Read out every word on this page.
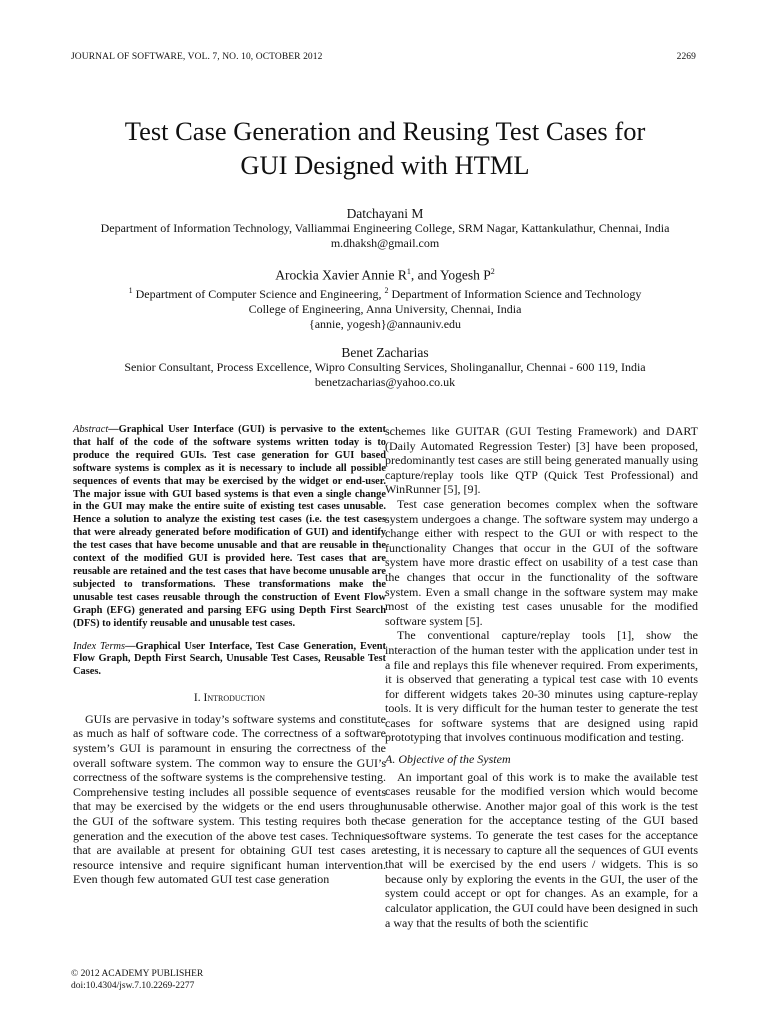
JOURNAL OF SOFTWARE, VOL. 7, NO. 10, OCTOBER 2012	2269
Test Case Generation and Reusing Test Cases for
GUI Designed with HTML
Datchayani M
Department of Information Technology, Valliammai Engineering College, SRM Nagar, Kattankulathur, Chennai, India
m.dhaksh@gmail.com
Arockia Xavier Annie $R^1$, and Yogesh $P^2$
$^1$ Department of Computer Science and Engineering, $^2$ Department of Information Science and Technology
College of Engineering, Anna University, Chennai, India
{annie, yogesh}@annauniv.edu
Benet Zacharias
Senior Consultant, Process Excellence, Wipro Consulting Services, Sholinganallur, Chennai - 600 119, India
benetzacharias@yahoo.co.uk

Abstract—Graphical User Interface (GUI) is pervasive to the extent that half of the code of the software systems written today is to produce the required GUIs. Test case generation for GUI based software systems is complex as it is necessary to include all possible sequences of events that may be exercised by the widget or end-user. The major issue with GUI based systems is that even a single change in the GUI may make the entire suite of existing test cases unusable. Hence a solution to analyze the existing test cases (i.e. the test cases that were already generated before modification of GUI) and identify the test cases that have become unusable and that are reusable in the context of the modified GUI is provided here. Test cases that are reusable are retained and the test cases that have become unusable are subjected to transformations. These transformations make the unusable test cases reusable through the construction of Event Flow Graph (EFG) generated and parsing EFG using Depth First Search (DFS) to identify reusable and unusable test cases.

Index Terms—Graphical User Interface, Test Case Generation, Event Flow Graph, Depth First Search, Unusable Test Cases, Reusable Test Cases.

I. Introduction

GUIs are pervasive in today’s software systems and constitute as much as half of software code. The correctness of a software system’s GUI is paramount in ensuring the correctness of the overall software system. The common way to ensure the GUI’s correctness of the software systems is the comprehensive testing. Comprehensive testing includes all possible sequence of events that may be exercised by the widgets or the end users through the GUI of the software system. This testing requires both the generation and the execution of the above test cases. Techniques that are available at present for obtaining GUI test cases are resource intensive and require significant human intervention. Even though few automated GUI test case generation

schemes like GUITAR (GUI Testing Framework) and DART (Daily Automated Regression Tester) [3] have been proposed, predominantly test cases are still being generated manually using capture/replay tools like QTP (Quick Test Professional) and WinRunner [5], [9].

Test case generation becomes complex when the software system undergoes a change. The software system may undergo a change either with respect to the GUI or with respect to the functionality Changes that occur in the GUI of the software system have more drastic effect on usability of a test case than the changes that occur in the functionality of the software system. Even a small change in the software system may make most of the existing test cases unusable for the modified software system [5].

The conventional capture/replay tools [1], show the interaction of the human tester with the application under test in a file and replays this file whenever required. From experiments, it is observed that generating a typical test case with 10 events for different widgets takes 20-30 minutes using capture-replay tools. It is very difficult for the human tester to generate the test cases for software systems that are designed using rapid prototyping that involves continuous modification and testing.

A. Objective of the System

An important goal of this work is to make the available test cases reusable for the modified version which would become unusable otherwise. Another major goal of this work is the test case generation for the acceptance testing of the GUI based software systems. To generate the test cases for the acceptance testing, it is necessary to capture all the sequences of GUI events that will be exercised by the end users / widgets. This is so because only by exploring the events in the GUI, the user of the system could accept or opt for changes. As an example, for a calculator application, the GUI could have been designed in such a way that the results of both the scientific

© 2012 ACADEMY PUBLISHER
doi:10.4304/jsw.7.10.2269-2277
